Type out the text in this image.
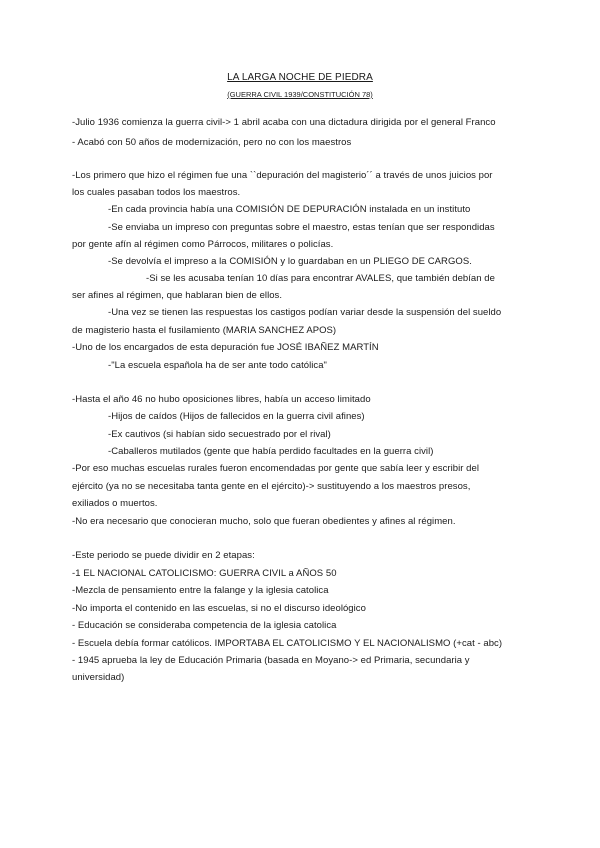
LA LARGA NOCHE DE PIEDRA
(GUERRA CIVIL 1939/CONSTITUCIÓN 78)
-Julio 1936 comienza la guerra civil-> 1 abril acaba con una dictadura dirigida por el general Franco
- Acabó con 50 años de modernización, pero no con los maestros
-Los primero que hizo el régimen fue una ``depuración del magisterio´´ a través de unos juicios por
los cuales pasaban todos los maestros.
-En cada provincia había una COMISIÓN DE DEPURACIÓN instalada en un instituto
-Se enviaba un impreso con preguntas sobre el maestro, estas tenían que ser respondidas
por gente afín al régimen como Párrocos, militares o policías.
-Se devolvía el impreso a la COMISIÓN y lo guardaban en un PLIEGO DE CARGOS.
-Si se les acusaba tenían 10 días para encontrar AVALES, que también debían de
ser afines al régimen, que hablaran bien de ellos.
-Una vez se tienen las respuestas los castigos podían variar desde la suspensión del sueldo
de magisterio hasta el fusilamiento (MARIA SANCHEZ APOS)
-Uno de los encargados de esta depuración fue JOSÉ IBAÑEZ MARTÍN
-"La escuela española ha de ser ante todo católica"
-Hasta el año 46 no hubo oposiciones libres, había un acceso limitado
-Hijos de caídos (Hijos de fallecidos en la guerra civil afines)
-Ex cautivos (si habían sido secuestrado por el rival)
-Caballeros mutilados (gente que había perdido facultades en la guerra civil)
-Por eso muchas escuelas rurales fueron encomendadas por gente que sabía leer y escribir del
ejército (ya no se necesitaba tanta gente en el ejército)-> sustituyendo a los maestros presos,
exiliados o muertos.
-No era necesario que conocieran mucho, solo que fueran obedientes y afines al régimen.
-Este periodo se puede dividir en 2 etapas:
-1 EL NACIONAL CATOLICISMO: GUERRA CIVIL a AÑOS 50
-Mezcla de pensamiento entre la falange y la iglesia catolica
-No importa el contenido en las escuelas, si no el discurso ideológico
- Educación se consideraba competencia de la iglesia catolica
- Escuela debía formar católicos. IMPORTABA EL CATOLICISMO Y EL NACIONALISMO (+cat - abc)
- 1945 aprueba la ley de Educación Primaria (basada en Moyano-> ed Primaria, secundaria y
universidad)
